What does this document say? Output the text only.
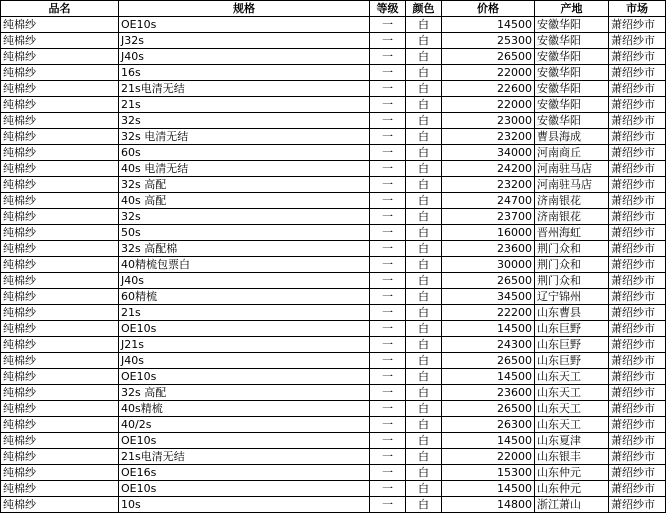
品名	规格	等级	颜色	价格	产地	市场
纯棉纱	OE10s	一	白	14500	安徽华阳	萧绍纱市
纯棉纱	J32s	一	白	25300	安徽华阳	萧绍纱市
纯棉纱	J40s	一	白	26500	安徽华阳	萧绍纱市
纯棉纱	16s	一	白	22000	安徽华阳	萧绍纱市
纯棉纱	21s电清无结	一	白	22600	安徽华阳	萧绍纱市
纯棉纱	21s	一	白	22000	安徽华阳	萧绍纱市
纯棉纱	32s	一	白	23000	安徽华阳	萧绍纱市
纯棉纱	32s 电清无结	一	白	23200	曹县海成	萧绍纱市
纯棉纱	60s	一	白	34000	河南商丘	萧绍纱市
纯棉纱	40s 电清无结	一	白	24200	河南驻马店	萧绍纱市
纯棉纱	32s 高配	一	白	23200	河南驻马店	萧绍纱市
纯棉纱	40s 高配	一	白	24700	济南银花	萧绍纱市
纯棉纱	32s	一	白	23700	济南银花	萧绍纱市
纯棉纱	50s	一	白	16000	晋州海虹	萧绍纱市
纯棉纱	32s 高配棉	一	白	23600	荆门众和	萧绍纱市
纯棉纱	40精梳包票白	一	白	30000	荆门众和	萧绍纱市
纯棉纱	J40s	一	白	26500	荆门众和	萧绍纱市
纯棉纱	60精梳	一	白	34500	辽宁锦州	萧绍纱市
纯棉纱	21s	一	白	22200	山东曹县	萧绍纱市
纯棉纱	OE10s	一	白	14500	山东巨野	萧绍纱市
纯棉纱	J21s	一	白	24300	山东巨野	萧绍纱市
纯棉纱	J40s	一	白	26500	山东巨野	萧绍纱市
纯棉纱	OE10s	一	白	14500	山东天工	萧绍纱市
纯棉纱	32s 高配	一	白	23600	山东天工	萧绍纱市
纯棉纱	40s精梳	一	白	26500	山东天工	萧绍纱市
纯棉纱	40/2s	一	白	26300	山东天工	萧绍纱市
纯棉纱	OE10s	一	白	14500	山东夏津	萧绍纱市
纯棉纱	21s电清无结	一	白	22000	山东银丰	萧绍纱市
纯棉纱	OE16s	一	白	15300	山东仲元	萧绍纱市
纯棉纱	OE10s	一	白	14500	山东仲元	萧绍纱市
纯棉纱	10s	一	白	14800	浙江萧山	萧绍纱市
